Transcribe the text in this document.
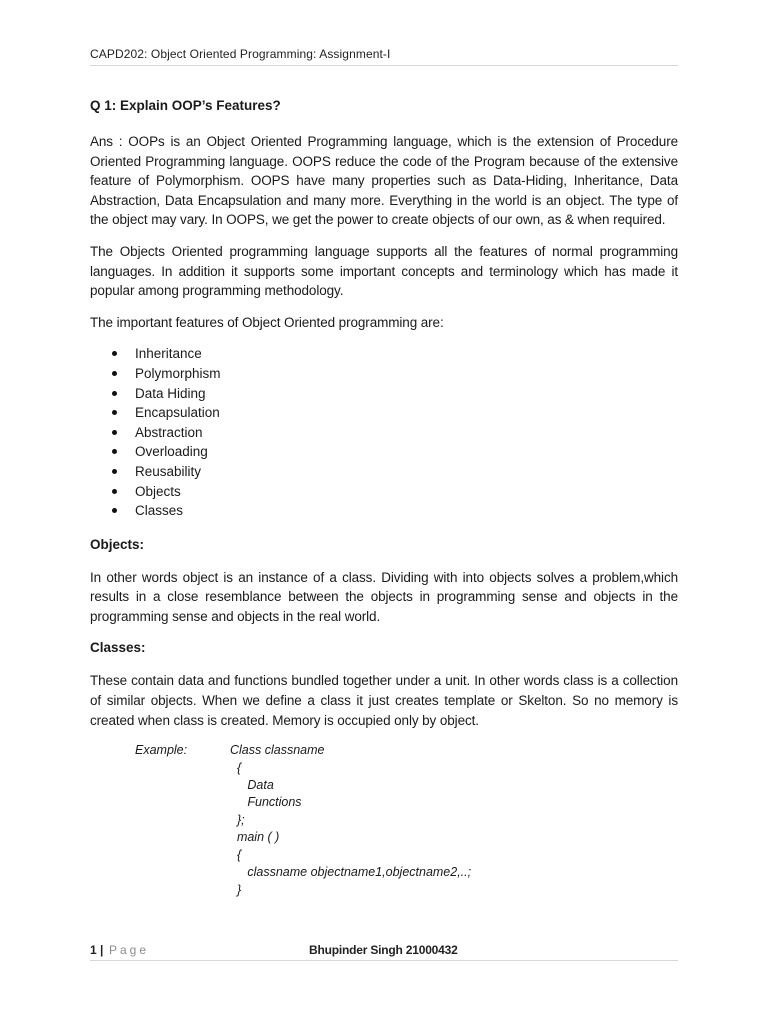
CAPD202: Object Oriented Programming: Assignment-I
Q 1: Explain OOP’s Features?

Ans : OOPs is an Object Oriented Programming language, which is the extension of Procedure Oriented Programming language. OOPS reduce the code of the Program because of the extensive feature of Polymorphism. OOPS have many properties such as Data-Hiding, Inheritance, Data Abstraction, Data Encapsulation and many more. Everything in the world is an object. The type of the object may vary. In OOPS, we get the power to create objects of our own, as & when required.

The Objects Oriented programming language supports all the features of normal programming languages. In addition it supports some important concepts and terminology which has made it popular among programming methodology.

The important features of Object Oriented programming are:

Inheritance
Polymorphism
Data Hiding
Encapsulation
Abstraction
Overloading
Reusability
Objects
Classes
Objects:

In other words object is an instance of a class. Dividing with into objects solves a problem,which results in a close resemblance between the objects in programming sense and objects in the programming sense and objects in the real world.

Classes:

These contain data and functions bundled together under a unit. In other words class is a collection of similar objects. When we define a class it just creates template or Skelton. So no memory is created when class is created. Memory is occupied only by object.

Example:	Class classname
{
Data
Functions
};
main ( )
{
classname objectname1,objectname2,..;
}
1 | Page	Bhupinder Singh 21000432
